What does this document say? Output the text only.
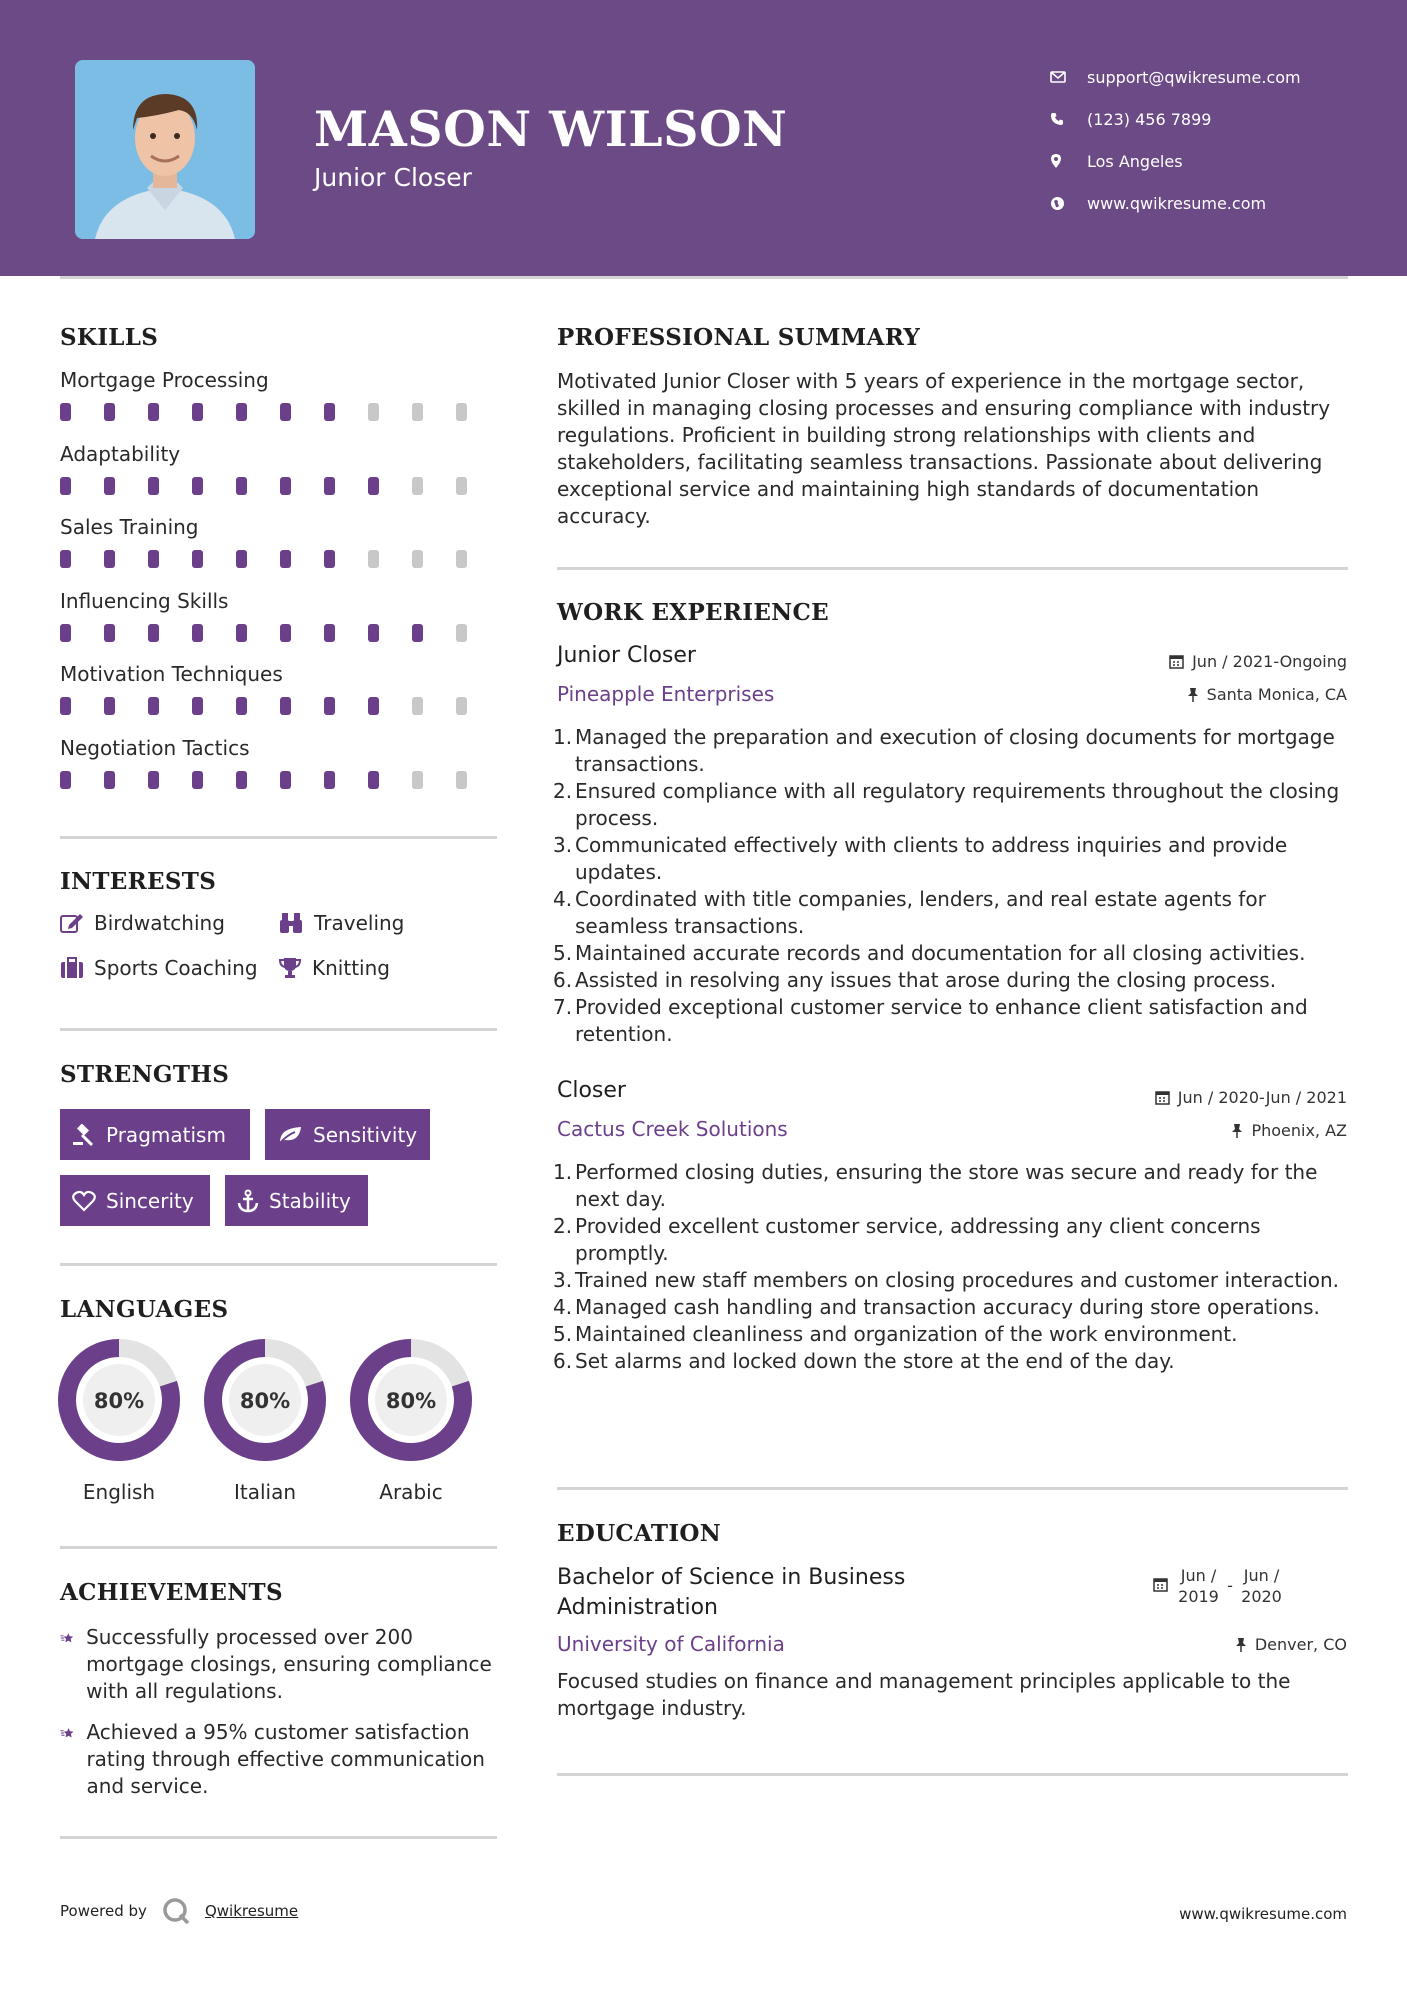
MASON WILSON
Junior Closer
support@qwikresume.com
(123) 456 7899
Los Angeles
www.qwikresume.com
SKILLS
Mortgage Processing
Adaptability
Sales Training
Influencing Skills
Motivation Techniques
Negotiation Tactics
INTERESTS
Birdwatching	Traveling
Sports Coaching	Knitting
STRENGTHS
Pragmatism	Sensitivity
Sincerity	Stability
LANGUAGES
80%
English
80%
Italian
80%
Arabic
ACHIEVEMENTS
Successfully processed over 200 mortgage closings, ensuring compliance with all regulations.
Achieved a 95% customer satisfaction rating through effective communication and service.
PROFESSIONAL SUMMARY
Motivated Junior Closer with 5 years of experience in the mortgage sector, skilled in managing closing processes and ensuring compliance with industry regulations. Proficient in building strong relationships with clients and stakeholders, facilitating seamless transactions. Passionate about delivering exceptional service and maintaining high standards of documentation accuracy.
WORK EXPERIENCE
Junior Closer	Jun / 2021-Ongoing
Pineapple Enterprises	Santa Monica, CA
1. Managed the preparation and execution of closing documents for mortgage transactions.
2. Ensured compliance with all regulatory requirements throughout the closing process.
3. Communicated effectively with clients to address inquiries and provide updates.
4. Coordinated with title companies, lenders, and real estate agents for seamless transactions.
5. Maintained accurate records and documentation for all closing activities.
6. Assisted in resolving any issues that arose during the closing process.
7. Provided exceptional customer service to enhance client satisfaction and retention.
Closer	Jun / 2020-Jun / 2021
Cactus Creek Solutions	Phoenix, AZ
1. Performed closing duties, ensuring the store was secure and ready for the next day.
2. Provided excellent customer service, addressing any client concerns promptly.
3. Trained new staff members on closing procedures and customer interaction.
4. Managed cash handling and transaction accuracy during store operations.
5. Maintained cleanliness and organization of the work environment.
6. Set alarms and locked down the store at the end of the day.
EDUCATION
Bachelor of Science in Business
Administration
Jun /
2019
-
Jun /
2020
University of California	Denver, CO
Focused studies on finance and management principles applicable to the mortgage industry.
Powered by	Qwikresume	www.qwikresume.com
